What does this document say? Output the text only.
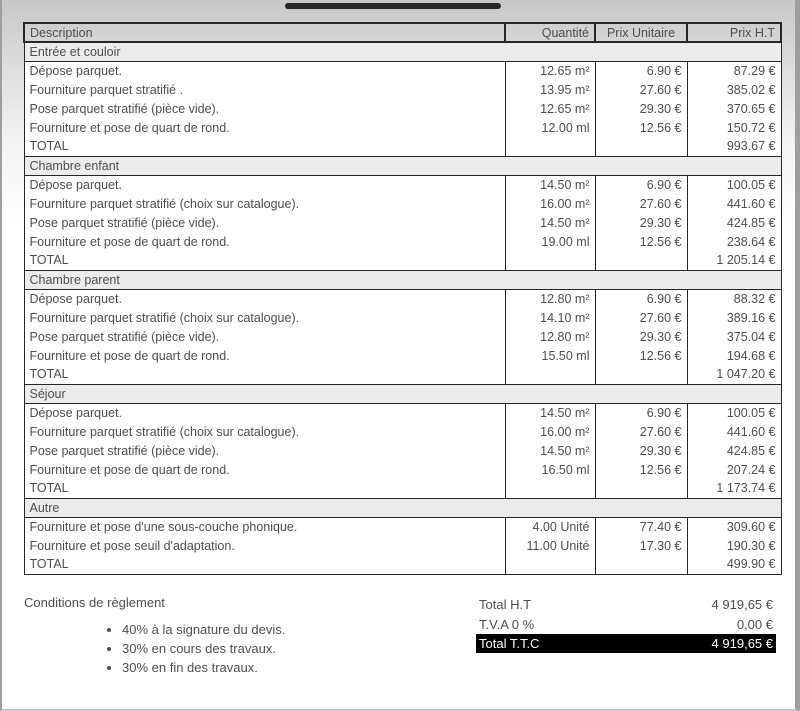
Description	Quantité	Prix Unitaire	Prix H.T
Entrée et couloir			
Dépose parquet.	12.65 m²	6.90 €	87.29 €
Fourniture parquet stratifié .	13.95 m²	27.60 €	385.02 €
Pose parquet stratifié (pièce vide).	12.65 m²	29.30 €	370.65 €
Fourniture et pose de quart de rond.	12.00 ml	12.56 €	150.72 €
TOTAL			993.67 €
Chambre enfant			
Dépose parquet.	14.50 m²	6.90 €	100.05 €
Fourniture parquet stratifié (choix sur catalogue).	16.00 m²	27.60 €	441.60 €
Pose parquet stratifié (pièce vide).	14.50 m²	29.30 €	424.85 €
Fourniture et pose de quart de rond.	19.00 ml	12.56 €	238.64 €
TOTAL			1 205.14 €
Chambre parent			
Dépose parquet.	12.80 m²	6.90 €	88.32 €
Fourniture parquet stratifié (choix sur catalogue).	14.10 m²	27.60 €	389.16 €
Pose parquet stratifié (pièce vide).	12.80 m²	29.30 €	375.04 €
Fourniture et pose de quart de rond.	15.50 ml	12.56 €	194.68 €
TOTAL			1 047.20 €
Séjour			
Dépose parquet.	14.50 m²	6.90 €	100.05 €
Fourniture parquet stratifié (choix sur catalogue).	16.00 m²	27.60 €	441.60 €
Pose parquet stratifié (pièce vide).	14.50 m²	29.30 €	424.85 €
Fourniture et pose de quart de rond.	16.50 ml	12.56 €	207.24 €
TOTAL			1 173.74 €
Autre			
Fourniture et pose d'une sous-couche phonique.	4.00 Unité	77.40 €	309.60 €
Fourniture et pose seuil d'adaptation.	11.00 Unité	17.30 €	190.30 €
TOTAL			499.90 €
Conditions de règlement
• 40% à la signature du devis.
• 30% en cours des travaux.
• 30% en fin des travaux.
Total H.T	4 919,65 €
T.V.A 0 %	0,00 €
Total T.T.C	4 919,65 €
